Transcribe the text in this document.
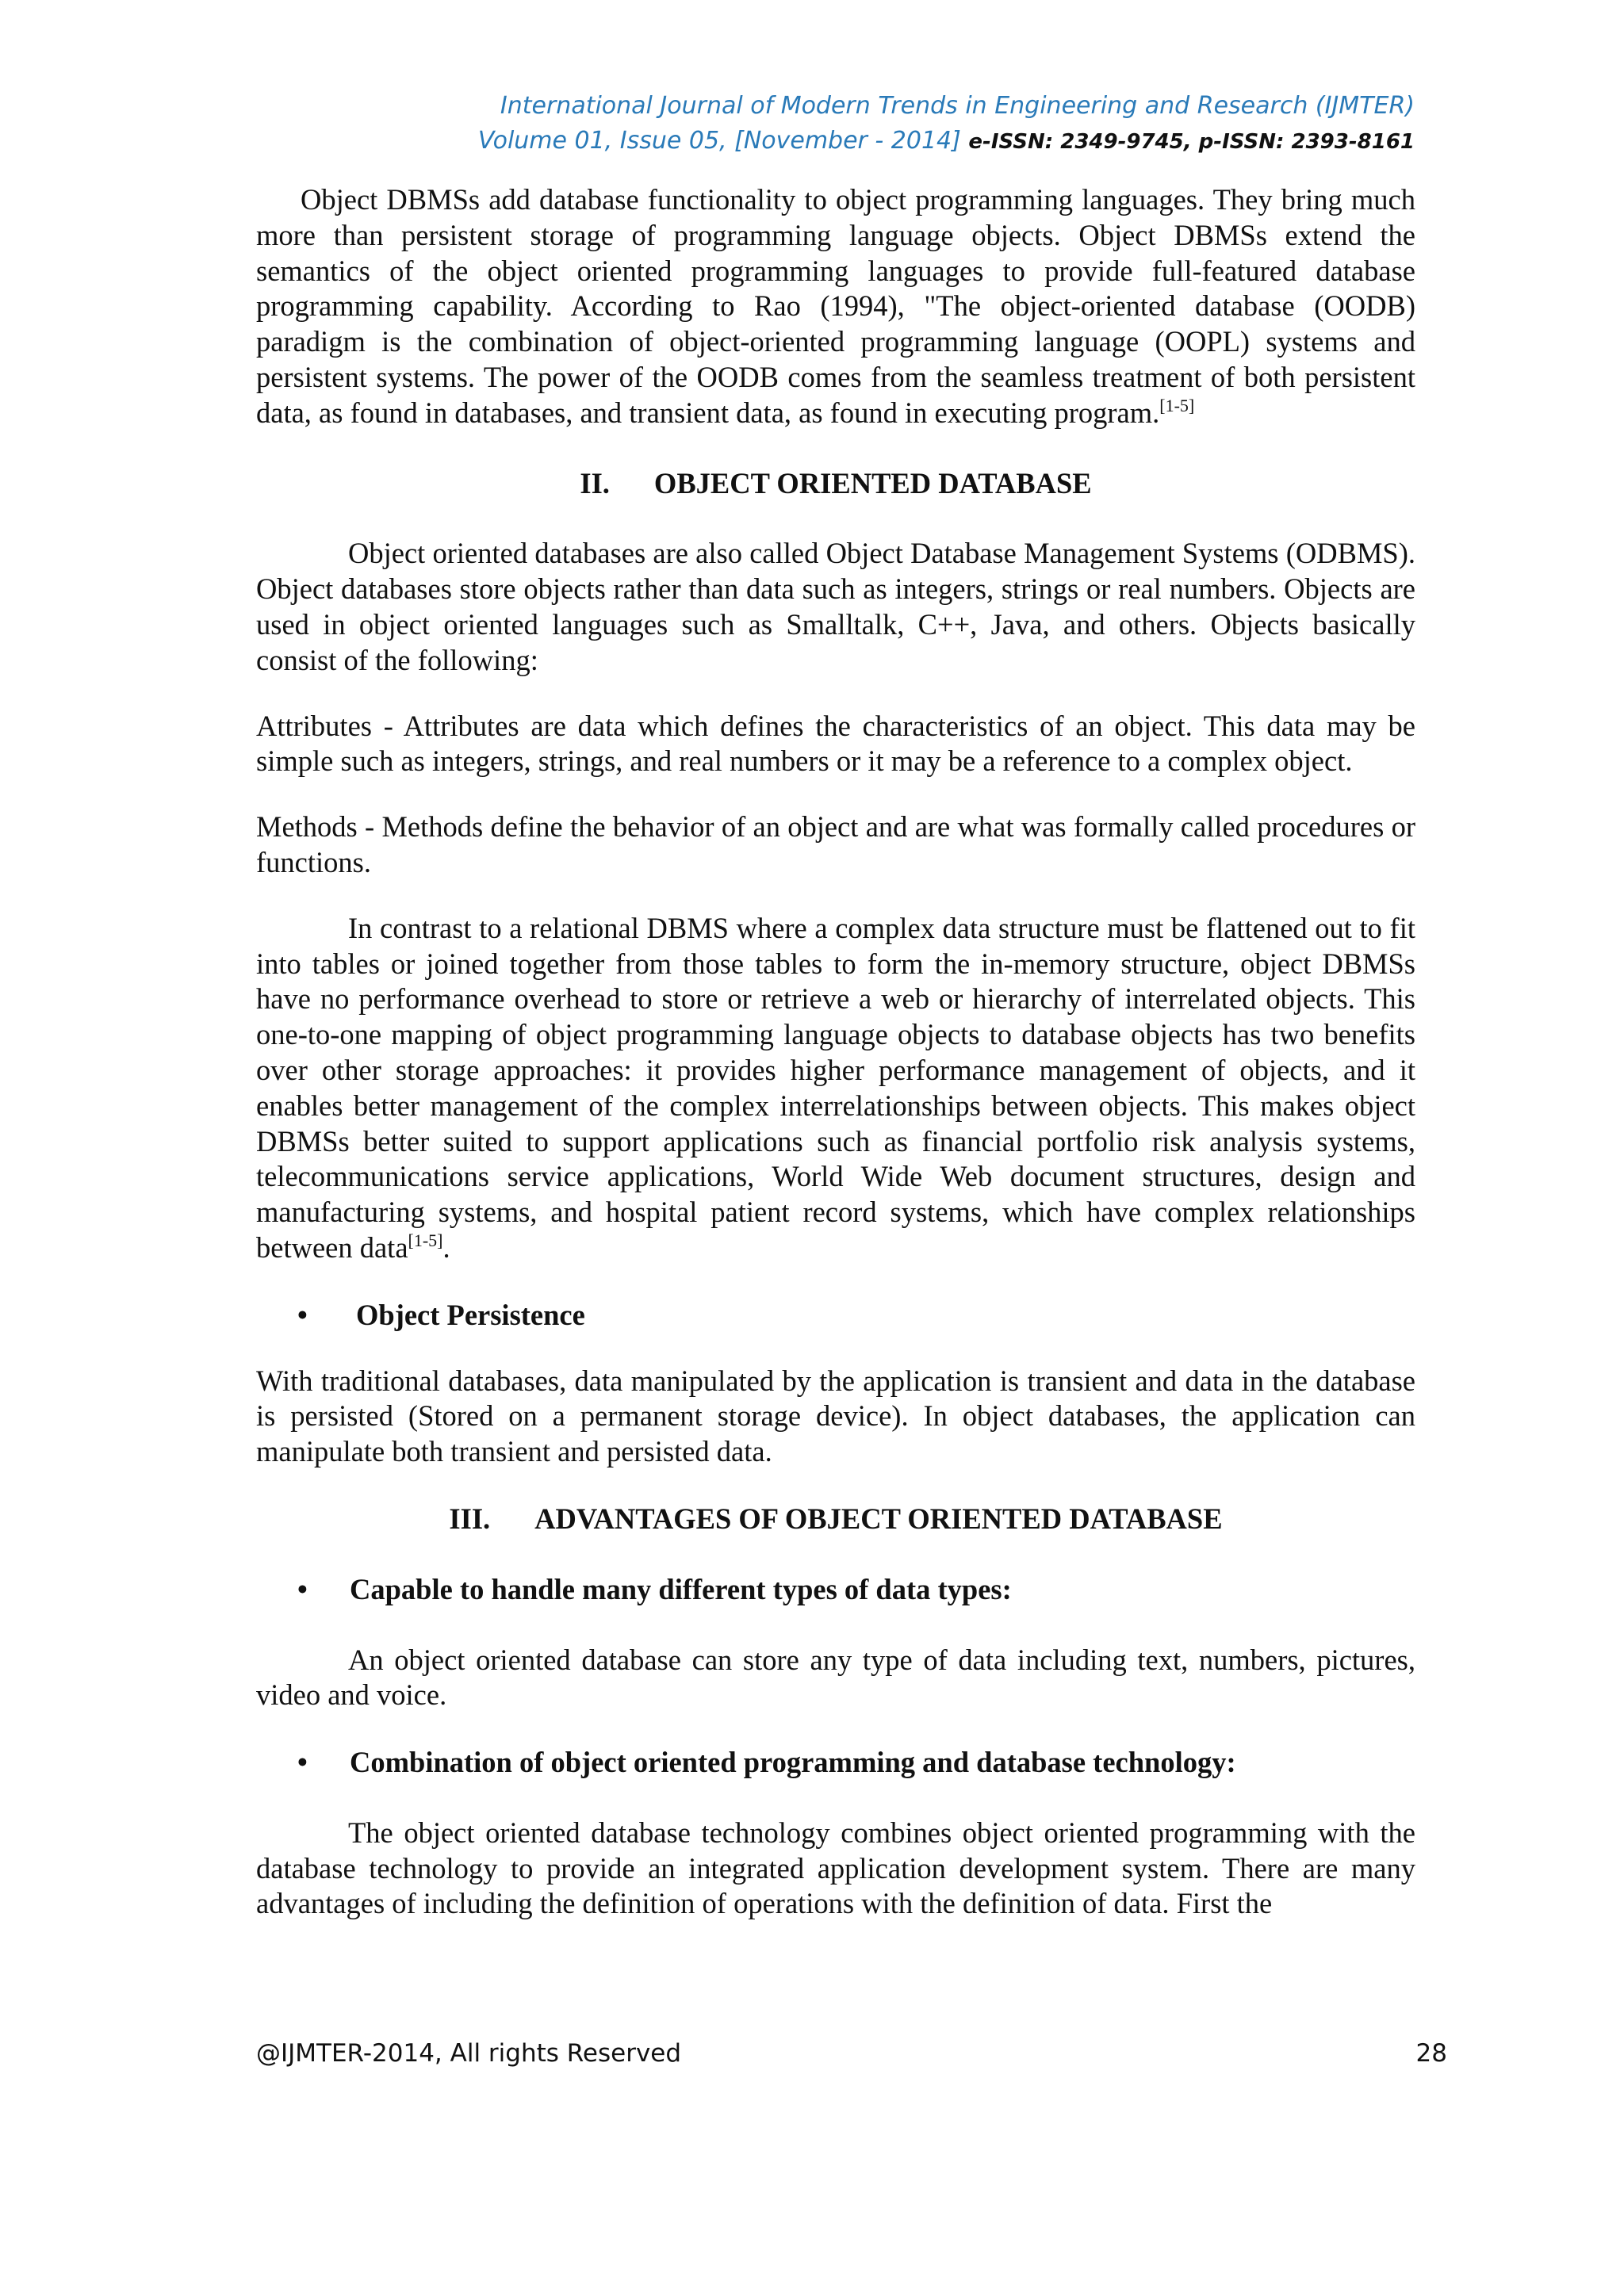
International Journal of Modern Trends in Engineering and Research (IJMTER)
Volume 01, Issue 05, [November - 2014] e-ISSN: 2349-9745, p-ISSN: 2393-8161

Object DBMSs add database functionality to object programming languages. They bring much more than persistent storage of programming language objects. Object DBMSs extend the semantics of the object oriented programming languages to provide full-featured database programming capability. According to Rao (1994), "The object-oriented database (OODB) paradigm is the combination of object-oriented programming language (OOPL) systems and persistent systems. The power of the OODB comes from the seamless treatment of both persistent data, as found in databases, and transient data, as found in executing program.[1-5]

II. OBJECT ORIENTED DATABASE

Object oriented databases are also called Object Database Management Systems (ODBMS). Object databases store objects rather than data such as integers, strings or real numbers. Objects are used in object oriented languages such as Smalltalk, C++, Java, and others. Objects basically consist of the following:

Attributes - Attributes are data which defines the characteristics of an object. This data may be simple such as integers, strings, and real numbers or it may be a reference to a complex object.

Methods - Methods define the behavior of an object and are what was formally called procedures or functions.

In contrast to a relational DBMS where a complex data structure must be flattened out to fit into tables or joined together from those tables to form the in-memory structure, object DBMSs have no performance overhead to store or retrieve a web or hierarchy of interrelated objects. This one-to-one mapping of object programming language objects to database objects has two benefits over other storage approaches: it provides higher performance management of objects, and it enables better management of the complex interrelationships between objects. This makes object DBMSs better suited to support applications such as financial portfolio risk analysis systems, telecommunications service applications, World Wide Web document structures, design and manufacturing systems, and hospital patient record systems, which have complex relationships between data[1-5].

•	Object Persistence

With traditional databases, data manipulated by the application is transient and data in the database is persisted (Stored on a permanent storage device). In object databases, the application can manipulate both transient and persisted data.

III. ADVANTAGES OF OBJECT ORIENTED DATABASE

•	Capable to handle many different types of data types:

An object oriented database can store any type of data including text, numbers, pictures, video and voice.

•	Combination of object oriented programming and database technology:

The object oriented database technology combines object oriented programming with the database technology to provide an integrated application development system. There are many advantages of including the definition of operations with the definition of data. First the

@IJMTER-2014, All rights Reserved	28
